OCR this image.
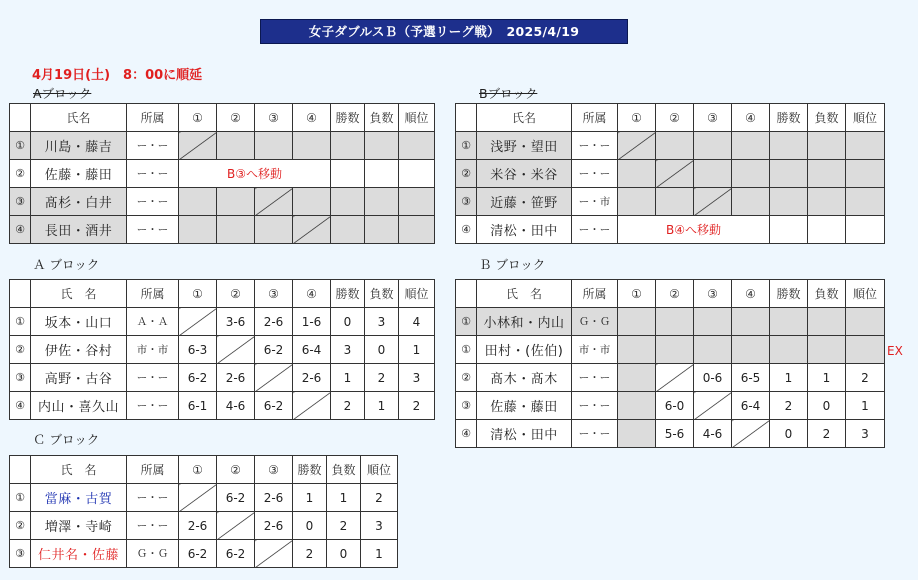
女子ダブルスＢ（予選リーグ戦）　2025/4/19
4月19日(土)　8：00に順延
Aブロック
	氏名	所属	①	②	③	④	勝数	負数	順位
①	川島・藤吉	ー・ー							
②	佐藤・藤田	ー・ー	B③へ移動						
③	髙杉・白井	ー・ー							
④	長田・酒井	ー・ー							
Bブロック
	氏名	所属	①	②	③	④	勝数	負数	順位
①	浅野・望田	ー・ー							
②	米谷・米谷	ー・ー							
③	近藤・笹野	ー・市							
④	清松・田中	ー・ー	B④へ移動						
Ａ ブロック
	氏　名	所属	①	②	③	④	勝数	負数	順位
①	坂本・山口	Ａ・Ａ		3-6	2-6	1-6	0	3	4
②	伊佐・谷村	市・市	6-3		6-2	6-4	3	0	1
③	高野・古谷	ー・ー	6-2	2-6		2-6	1	2	3
④	内山・喜久山	ー・ー	6-1	4-6	6-2		2	1	2
Ｂ ブロック
	氏　名	所属	①	②	③	④	勝数	負数	順位
①	小林和・内山	Ｇ・Ｇ							
①	田村・(佐伯)	市・市							
②	髙木・髙木	ー・ー			0-6	6-5	1	1	2
③	佐藤・藤田	ー・ー		6-0		6-4	2	0	1
④	清松・田中	ー・ー		5-6	4-6		0	2	3
EX
Ｃ ブロック
	氏　名	所属	①	②	③	勝数	負数	順位
①	當麻・古賀	ー・ー		6-2	2-6	1	1	2
②	増澤・寺崎	ー・ー	2-6		2-6	0	2	3
③	仁井名・佐藤	Ｇ・Ｇ	6-2	6-2		2	0	1
